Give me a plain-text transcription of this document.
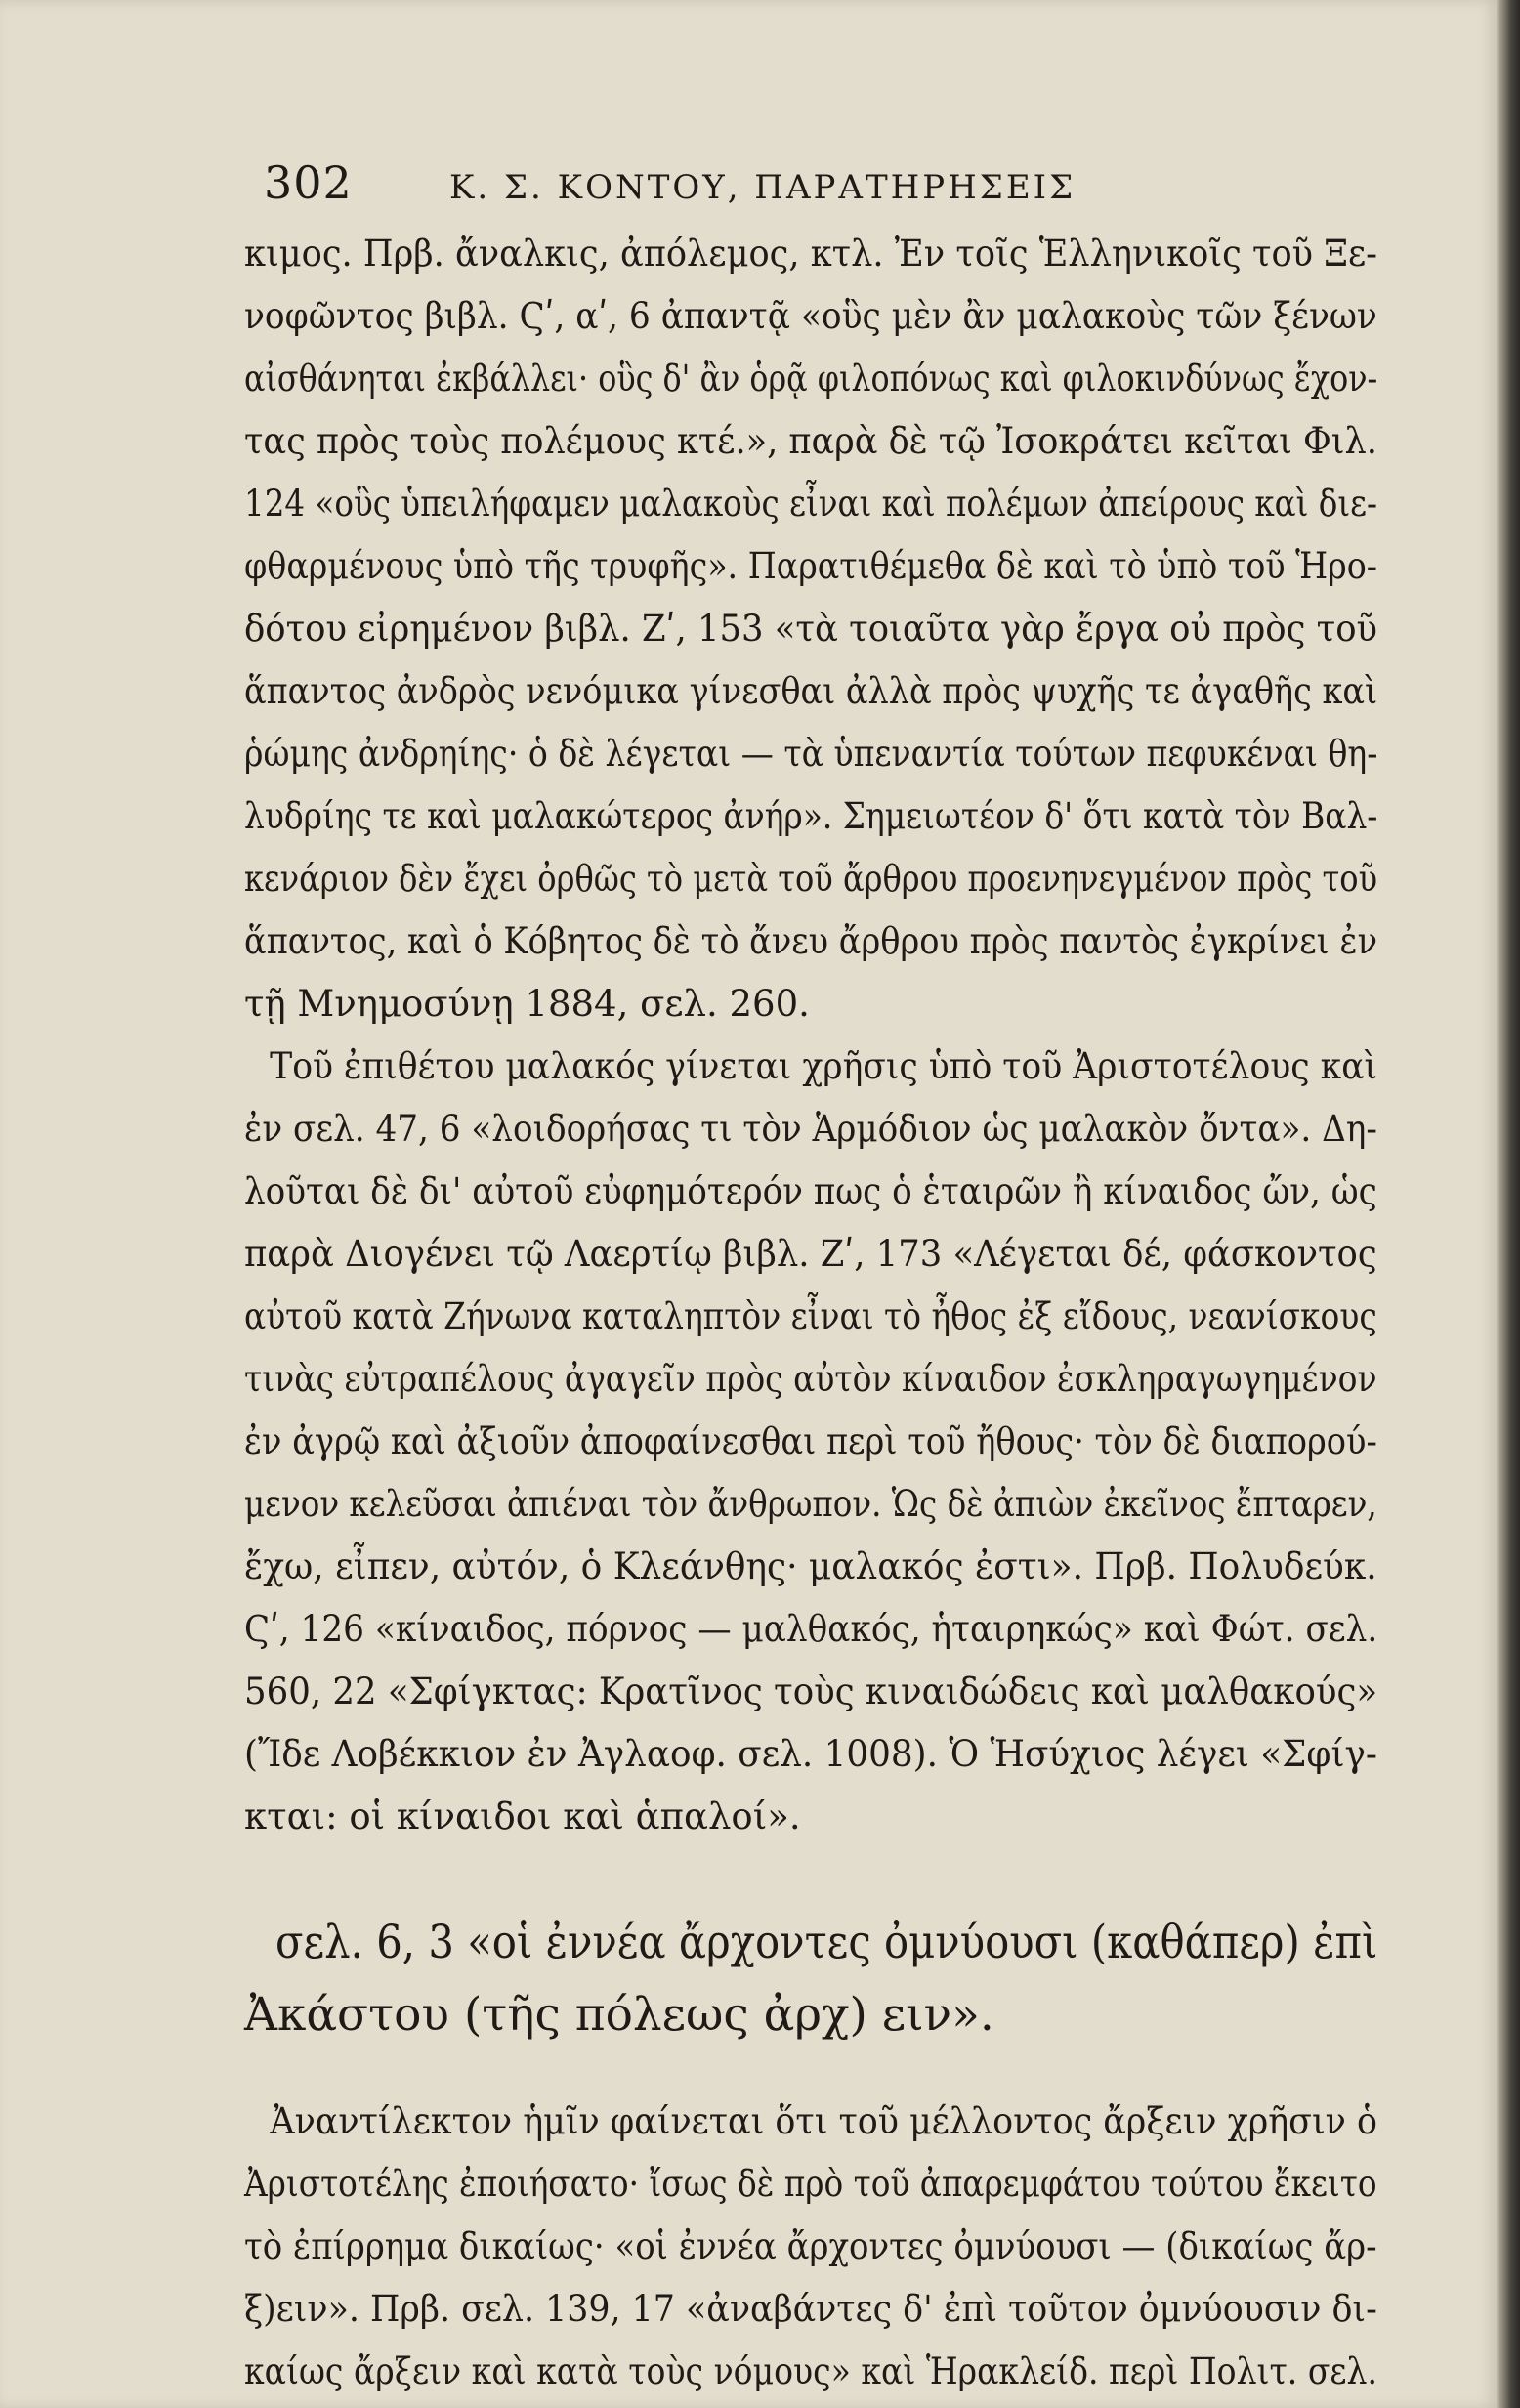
302	Κ. Σ. ΚΟΝΤΟΥ, ΠΑΡΑΤΗΡΗΣΕΙΣ
κιμος. Πρβ. ἄναλκις, ἀπόλεμος, κτλ. Ἐν τοῖς Ἑλληνικοῖς τοῦ Ξε-
νοφῶντος βιβλ. Ϛʹ, αʹ, 6 ἀπαντᾷ «οὓς μὲν ἂν μαλακοὺς τῶν ξένων
αἰσθάνηται ἐκβάλλει· οὓς δ' ἂν ὁρᾷ φιλοπόνως καὶ φιλοκινδύνως ἔχον-
τας πρὸς τοὺς πολέμους κτέ.», παρὰ δὲ τῷ Ἰσοκράτει κεῖται Φιλ.
124 «οὓς ὑπειλήφαμεν μαλακοὺς εἶναι καὶ πολέμων ἀπείρους καὶ διε-
φθαρμένους ὑπὸ τῆς τρυφῆς». Παρατιθέμεθα δὲ καὶ τὸ ὑπὸ τοῦ Ἡρο-
δότου εἰρημένον βιβλ. Ζʹ, 153 «τὰ τοιαῦτα γὰρ ἔργα οὐ πρὸς τοῦ
ἅπαντος ἀνδρὸς νενόμικα γίνεσθαι ἀλλὰ πρὸς ψυχῆς τε ἀγαθῆς καὶ
ῥώμης ἀνδρηίης· ὁ δὲ λέγεται — τὰ ὑπεναντία τούτων πεφυκέναι θη-
λυδρίης τε καὶ μαλακώτερος ἀνήρ». Σημειωτέον δ' ὅτι κατὰ τὸν Βαλ-
κενάριον δὲν ἔχει ὀρθῶς τὸ μετὰ τοῦ ἄρθρου προενηνεγμένον πρὸς τοῦ
ἅπαντος, καὶ ὁ Κόβητος δὲ τὸ ἄνευ ἄρθρου πρὸς παντὸς ἐγκρίνει ἐν
τῇ Μνημοσύνῃ 1884, σελ. 260.
Τοῦ ἐπιθέτου μαλακός γίνεται χρῆσις ὑπὸ τοῦ Ἀριστοτέλους καὶ
ἐν σελ. 47, 6 «λοιδορήσας τι τὸν Ἁρμόδιον ὡς μαλακὸν ὄντα». Δη-
λοῦται δὲ δι' αὐτοῦ εὐφημότερόν πως ὁ ἑταιρῶν ἢ κίναιδος ὤν, ὡς
παρὰ Διογένει τῷ Λαερτίῳ βιβλ. Ζʹ, 173 «Λέγεται δέ, φάσκοντος
αὐτοῦ κατὰ Ζήνωνα καταληπτὸν εἶναι τὸ ἦθος ἐξ εἴδους, νεανίσκους
τινὰς εὐτραπέλους ἀγαγεῖν πρὸς αὐτὸν κίναιδον ἐσκληραγωγημένον
ἐν ἀγρῷ καὶ ἀξιοῦν ἀποφαίνεσθαι περὶ τοῦ ἤθους· τὸν δὲ διαπορού-
μενον κελεῦσαι ἀπιέναι τὸν ἄνθρωπον. Ὡς δὲ ἀπιὼν ἐκεῖνος ἔπταρεν,
ἔχω, εἶπεν, αὐτόν, ὁ Κλεάνθης· μαλακός ἐστι». Πρβ. Πολυδεύκ.
Ϛʹ, 126 «κίναιδος, πόρνος — μαλθακός, ἡταιρηκώς» καὶ Φώτ. σελ.
560, 22 «Σφίγκτας: Κρατῖνος τοὺς κιναιδώδεις καὶ μαλθακούς»
(Ἴδε Λοβέκκιον ἐν Ἀγλαοφ. σελ. 1008). Ὁ Ἡσύχιος λέγει «Σφίγ-
κται: οἱ κίναιδοι καὶ ἁπαλοί».
σελ. 6, 3 «οἱ ἐννέα ἄρχοντες ὀμνύουσι (καθάπερ) ἐπὶ
Ἀκάστου (τῆς πόλεως ἀρχ) ειν».
Ἀναντίλεκτον ἡμῖν φαίνεται ὅτι τοῦ μέλλοντος ἄρξειν χρῆσιν ὁ
Ἀριστοτέλης ἐποιήσατο· ἴσως δὲ πρὸ τοῦ ἀπαρεμφάτου τούτου ἔκειτο
τὸ ἐπίρρημα δικαίως· «οἱ ἐννέα ἄρχοντες ὀμνύουσι — (δικαίως ἄρ-
ξ)ειν». Πρβ. σελ. 139, 17 «ἀναβάντες δ' ἐπὶ τοῦτον ὀμνύουσιν δι-
καίως ἄρξειν καὶ κατὰ τοὺς νόμους» καὶ Ἡρακλείδ. περὶ Πολιτ. σελ.
